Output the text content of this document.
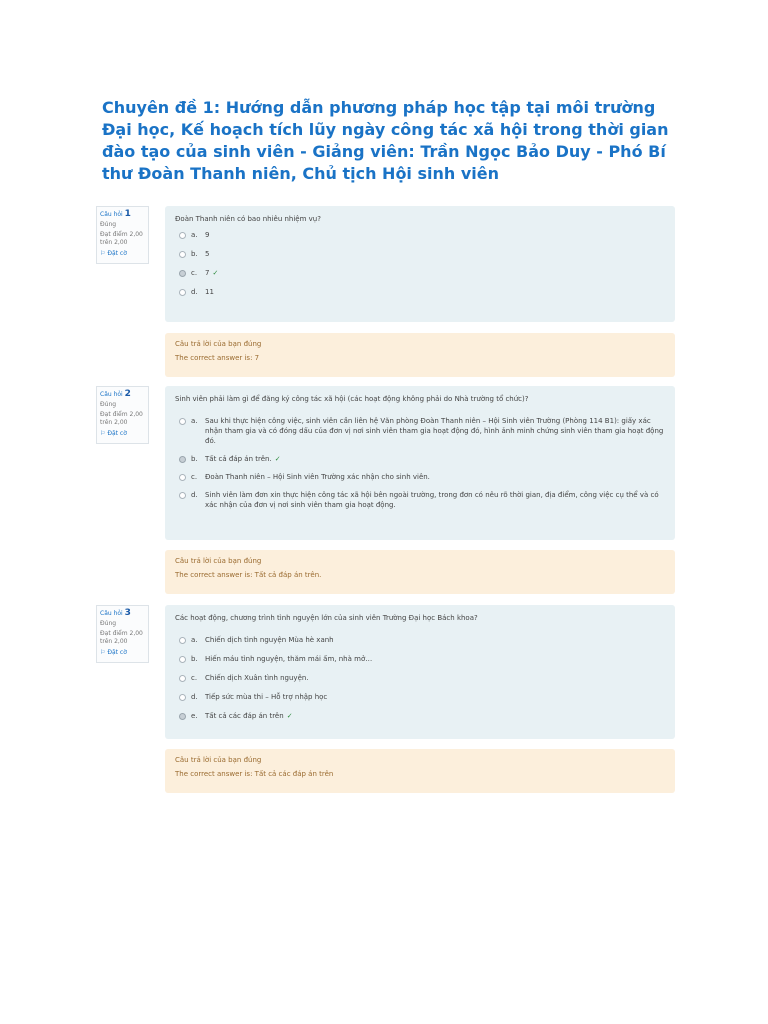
Chuyên đề 1: Hướng dẫn phương pháp học tập tại môi trường Đại học, Kế hoạch tích lũy ngày công tác xã hội trong thời gian đào tạo của sinh viên - Giảng viên: Trần Ngọc Bảo Duy - Phó Bí thư Đoàn Thanh niên, Chủ tịch Hội sinh viên
Câu hỏi 1
Đúng
Đạt điểm 2,00 trên 2,00
⚐ Đặt cờ

Đoàn Thanh niên có bao nhiêu nhiệm vụ?

a.	9
b.	5
c.	7 ✓
d.	11
Câu trả lời của bạn đúng
The correct answer is: 7
Câu hỏi 2
Đúng
Đạt điểm 2,00 trên 2,00
⚐ Đặt cờ

Sinh viên phải làm gì để đăng ký công tác xã hội (các hoạt động không phải do Nhà trường tổ chức)?

a.	Sau khi thực hiện công việc, sinh viên cần liên hệ Văn phòng Đoàn Thanh niên – Hội Sinh viên Trường (Phòng 114 B1): giấy xác nhận tham gia và có đóng dấu của đơn vị nơi sinh viên tham gia hoạt động đó, hình ảnh minh chứng sinh viên tham gia hoạt động đó.
b.	Tất cả đáp án trên. ✓
c.	Đoàn Thanh niên – Hội Sinh viên Trường xác nhận cho sinh viên.
d.	Sinh viên làm đơn xin thực hiện công tác xã hội bên ngoài trường, trong đơn có nêu rõ thời gian, địa điểm, công việc cụ thể và có xác nhận của đơn vị nơi sinh viên tham gia hoạt động.
Câu trả lời của bạn đúng
The correct answer is: Tất cả đáp án trên.
Câu hỏi 3
Đúng
Đạt điểm 2,00 trên 2,00
⚐ Đặt cờ

Các hoạt động, chương trình tình nguyện lớn của sinh viên Trường Đại học Bách khoa?

a.	Chiến dịch tình nguyện Mùa hè xanh
b.	Hiến máu tình nguyện, thăm mái ấm, nhà mở…
c.	Chiến dịch Xuân tình nguyện.
d.	Tiếp sức mùa thi – Hỗ trợ nhập học
e.	Tất cả các đáp án trên ✓
Câu trả lời của bạn đúng
The correct answer is: Tất cả các đáp án trên
